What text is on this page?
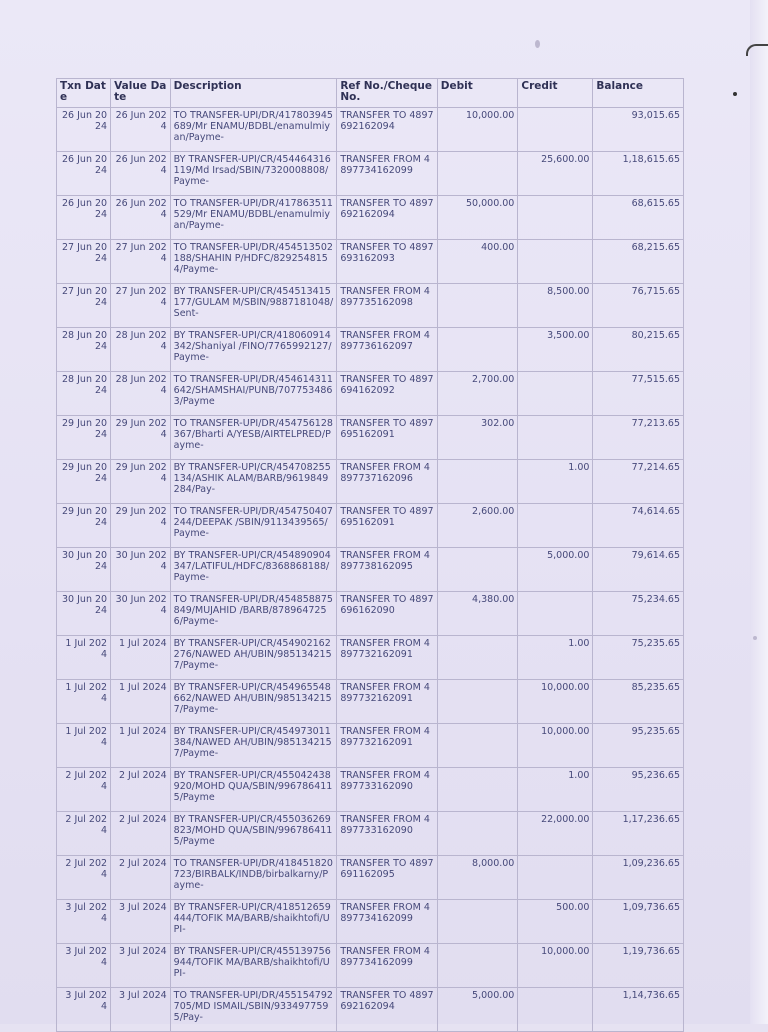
Txn Date	Value Date	Description	Ref No./Cheque No.	Debit	Credit	Balance
26 Jun 2024	26 Jun 2024	TO TRANSFER-UPI/DR/417803945689/Mr ENAMU/BDBL/enamulmiyan/Payme-	TRANSFER TO 4897692162094	10,000.00		93,015.65
26 Jun 2024	26 Jun 2024	BY TRANSFER-UPI/CR/454464316119/Md Irsad/SBIN/7320008808/Payme-	TRANSFER FROM 4897734162099		25,600.00	1,18,615.65
26 Jun 2024	26 Jun 2024	TO TRANSFER-UPI/DR/417863511529/Mr ENAMU/BDBL/enamulmiyan/Payme-	TRANSFER TO 4897692162094	50,000.00		68,615.65
27 Jun 2024	27 Jun 2024	TO TRANSFER-UPI/DR/454513502188/SHAHIN P/HDFC/8292548154/Payme-	TRANSFER TO 4897693162093	400.00		68,215.65
27 Jun 2024	27 Jun 2024	BY TRANSFER-UPI/CR/454513415177/GULAM M/SBIN/9887181048/Sent-	TRANSFER FROM 4897735162098		8,500.00	76,715.65
28 Jun 2024	28 Jun 2024	BY TRANSFER-UPI/CR/418060914342/Shaniyal /FINO/7765992127/Payme-	TRANSFER FROM 4897736162097		3,500.00	80,215.65
28 Jun 2024	28 Jun 2024	TO TRANSFER-UPI/DR/454614311642/SHAMSHAI/PUNB/7077534863/Payme	TRANSFER TO 4897694162092	2,700.00		77,515.65
29 Jun 2024	29 Jun 2024	TO TRANSFER-UPI/DR/454756128367/Bharti A/YESB/AIRTELPRED/Payme-	TRANSFER TO 4897695162091	302.00		77,213.65
29 Jun 2024	29 Jun 2024	BY TRANSFER-UPI/CR/454708255134/ASHIK ALAM/BARB/9619849284/Pay-	TRANSFER FROM 4897737162096		1.00	77,214.65
29 Jun 2024	29 Jun 2024	TO TRANSFER-UPI/DR/454750407244/DEEPAK /SBIN/9113439565/Payme-	TRANSFER TO 4897695162091	2,600.00		74,614.65
30 Jun 2024	30 Jun 2024	BY TRANSFER-UPI/CR/454890904347/LATIFUL/HDFC/8368868188/Payme-	TRANSFER FROM 4897738162095		5,000.00	79,614.65
30 Jun 2024	30 Jun 2024	TO TRANSFER-UPI/DR/454858875849/MUJAHID /BARB/8789647256/Payme-	TRANSFER TO 4897696162090	4,380.00		75,234.65
1 Jul 2024	1 Jul 2024	BY TRANSFER-UPI/CR/454902162276/NAWED AH/UBIN/9851342157/Payme-	TRANSFER FROM 4897732162091		1.00	75,235.65
1 Jul 2024	1 Jul 2024	BY TRANSFER-UPI/CR/454965548662/NAWED AH/UBIN/9851342157/Payme-	TRANSFER FROM 4897732162091		10,000.00	85,235.65
1 Jul 2024	1 Jul 2024	BY TRANSFER-UPI/CR/454973011384/NAWED AH/UBIN/9851342157/Payme-	TRANSFER FROM 4897732162091		10,000.00	95,235.65
2 Jul 2024	2 Jul 2024	BY TRANSFER-UPI/CR/455042438920/MOHD QUA/SBIN/9967864115/Payme	TRANSFER FROM 4897733162090		1.00	95,236.65
2 Jul 2024	2 Jul 2024	BY TRANSFER-UPI/CR/455036269823/MOHD QUA/SBIN/9967864115/Payme	TRANSFER FROM 4897733162090		22,000.00	1,17,236.65
2 Jul 2024	2 Jul 2024	TO TRANSFER-UPI/DR/418451820723/BIRBALK/INDB/birbalkarny/Payme-	TRANSFER TO 4897691162095	8,000.00		1,09,236.65
3 Jul 2024	3 Jul 2024	BY TRANSFER-UPI/CR/418512659444/TOFIK MA/BARB/shaikhtofi/UPI-	TRANSFER FROM 4897734162099		500.00	1,09,736.65
3 Jul 2024	3 Jul 2024	BY TRANSFER-UPI/CR/455139756944/TOFIK MA/BARB/shaikhtofi/UPI-	TRANSFER FROM 4897734162099		10,000.00	1,19,736.65
3 Jul 2024	3 Jul 2024	TO TRANSFER-UPI/DR/455154792705/MD ISMAIL/SBIN/9334977595/Pay-	TRANSFER TO 4897692162094	5,000.00		1,14,736.65
